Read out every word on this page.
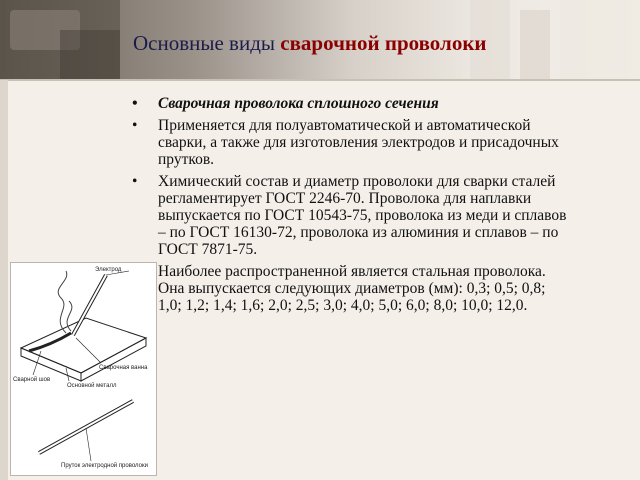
Основные виды сварочной проволоки
• Сварочная проволока сплошного сечения
• Применяется для полуавтоматической и автоматической сварки, а также для изготовления электродов и присадочных прутков.
• Химический состав и диаметр проволоки для сварки сталей регламентирует ГОСТ 2246-70. Проволока для наплавки выпускается по ГОСТ 10543-75, проволока из меди и сплавов – по ГОСТ 16130-72, проволока из алюминия и сплавов – по ГОСТ 7871-75.
Наиболее распространенной является стальная проволока. Она выпускается следующих диаметров (мм): 0,3; 0,5; 0,8; 1,0; 1,2; 1,4; 1,6; 2,0; 2,5; 3,0; 4,0; 5,0; 6,0; 8,0; 10,0; 12,0.
Электрод
Сварочная ванна
Сварной шов
Основной металл
Пруток электродной проволоки
